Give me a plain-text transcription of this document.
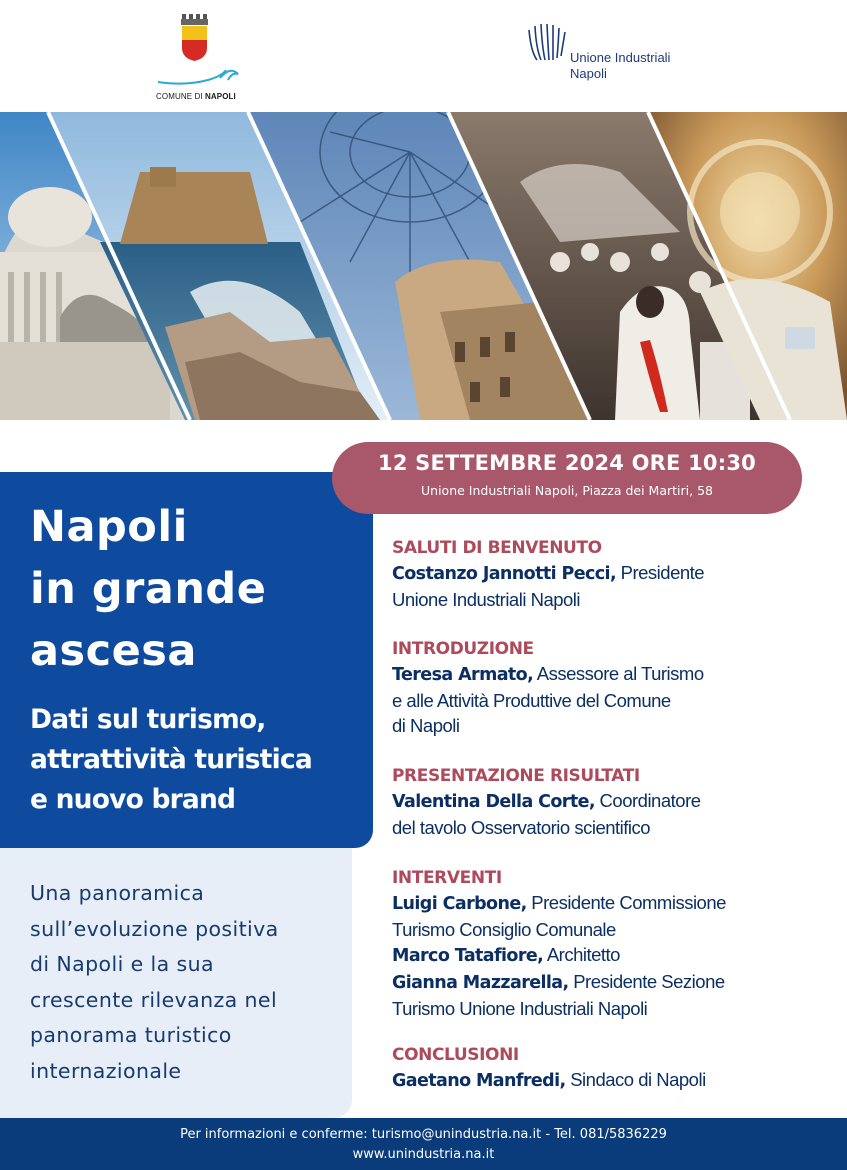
COMUNE DI NAPOLI
Unione Industriali
Napoli
Napoli
in grande
ascesa
Dati sul turismo,
attrattività turistica
e nuovo brand
12 SETTEMBRE 2024 ORE 10:30
Unione Industriali Napoli, Piazza dei Martiri, 58
Una panoramica
sull’evoluzione positiva
di Napoli e la sua
crescente rilevanza nel
panorama turistico
internazionale
SALUTI DI BENVENUTO
Costanzo Jannotti Pecci, Presidente
Unione Industriali Napoli
INTRODUZIONE
Teresa Armato, Assessore al Turismo
e alle Attività Produttive del Comune
di Napoli
PRESENTAZIONE RISULTATI
Valentina Della Corte, Coordinatore
del tavolo Osservatorio scientifico
INTERVENTI
Luigi Carbone, Presidente Commissione
Turismo Consiglio Comunale
Marco Tatafiore, Architetto
Gianna Mazzarella, Presidente Sezione
Turismo Unione Industriali Napoli
CONCLUSIONI
Gaetano Manfredi, Sindaco di Napoli
Per informazioni e conferme: turismo@unindustria.na.it - Tel. 081/5836229
www.unindustria.na.it
